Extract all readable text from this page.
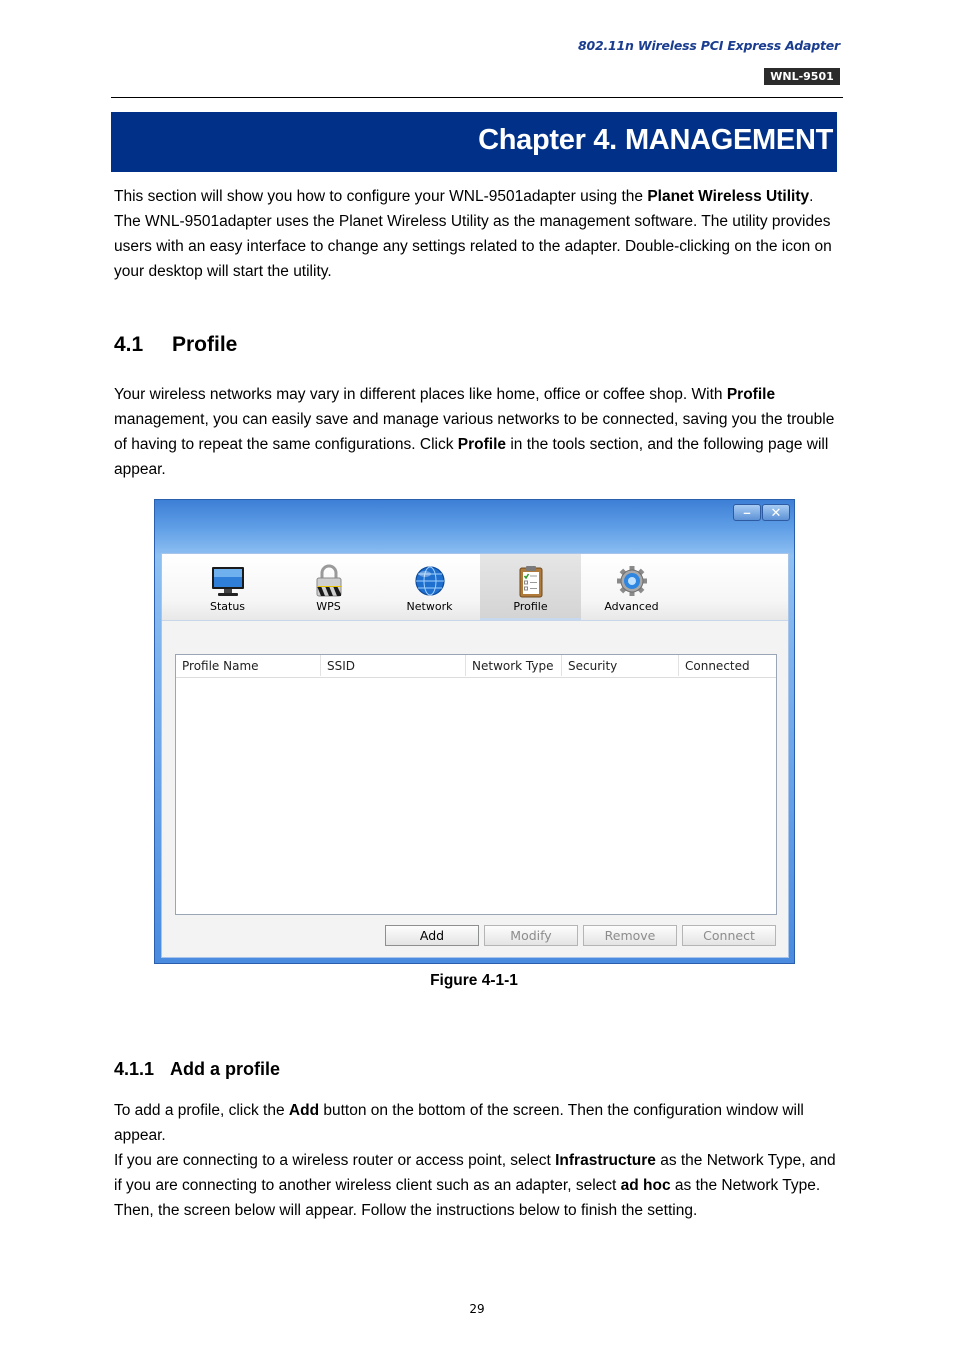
802.11n Wireless PCI Express Adapter
WNL-9501
Chapter 4. MANAGEMENT

This section will show you how to configure your WNL-9501adapter using the Planet Wireless Utility. The WNL-9501adapter uses the Planet Wireless Utility as the management software. The utility provides users with an easy interface to change any settings related to the adapter. Double-clicking on the icon on your desktop will start the utility.

4.1 Profile

Your wireless networks may vary in different places like home, office or coffee shop. With Profile management, you can easily save and manage various networks to be connected, saving you the trouble of having to repeat the same configurations. Click Profile in the tools section, and the following page will appear.

–	✕
Status	WPS	Network	Profile	Advanced
Profile Name	SSID	Network Type	Security	Connected
Add	Modify	Remove	Connect
Figure 4-1-1
4.1.1 Add a profile

To add a profile, click the Add button on the bottom of the screen. Then the configuration window will appear.

If you are connecting to a wireless router or access point, select Infrastructure as the Network Type, and if you are connecting to another wireless client such as an adapter, select ad hoc as the Network Type. Then, the screen below will appear. Follow the instructions below to finish the setting.

29
